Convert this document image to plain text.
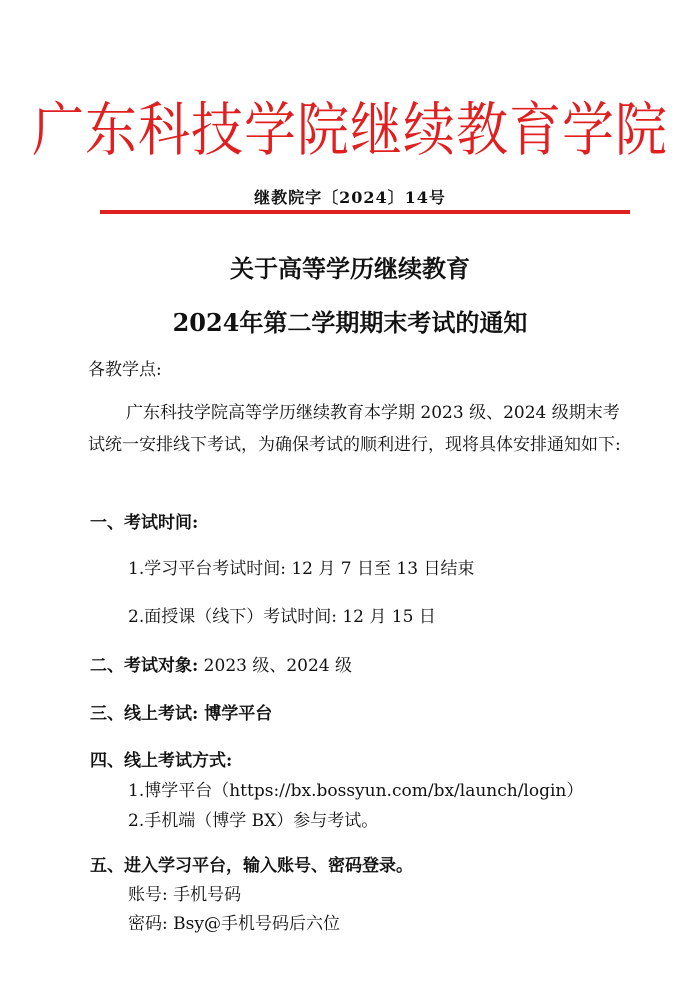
广东科技学院继续教育学院
继教院字〔2024〕14号
关于高等学历继续教育
2024年第二学期期末考试的通知
各教学点:
广东科技学院高等学历继续教育本学期 2023 级、2024 级期末考试统一安排线下考试，为确保考试的顺利进行，现将具体安排通知如下:
一、考试时间:
1.学习平台考试时间: 12 月 7 日至 13 日结束
2.面授课（线下）考试时间: 12 月 15 日
二、考试对象: 2023 级、2024 级
三、线上考试: 博学平台
四、线上考试方式:
1.博学平台（https://bx.bossyun.com/bx/launch/login）
2.手机端（博学 BX）参与考试。
五、进入学习平台，输入账号、密码登录。
账号: 手机号码
密码: Bsy@手机号码后六位
